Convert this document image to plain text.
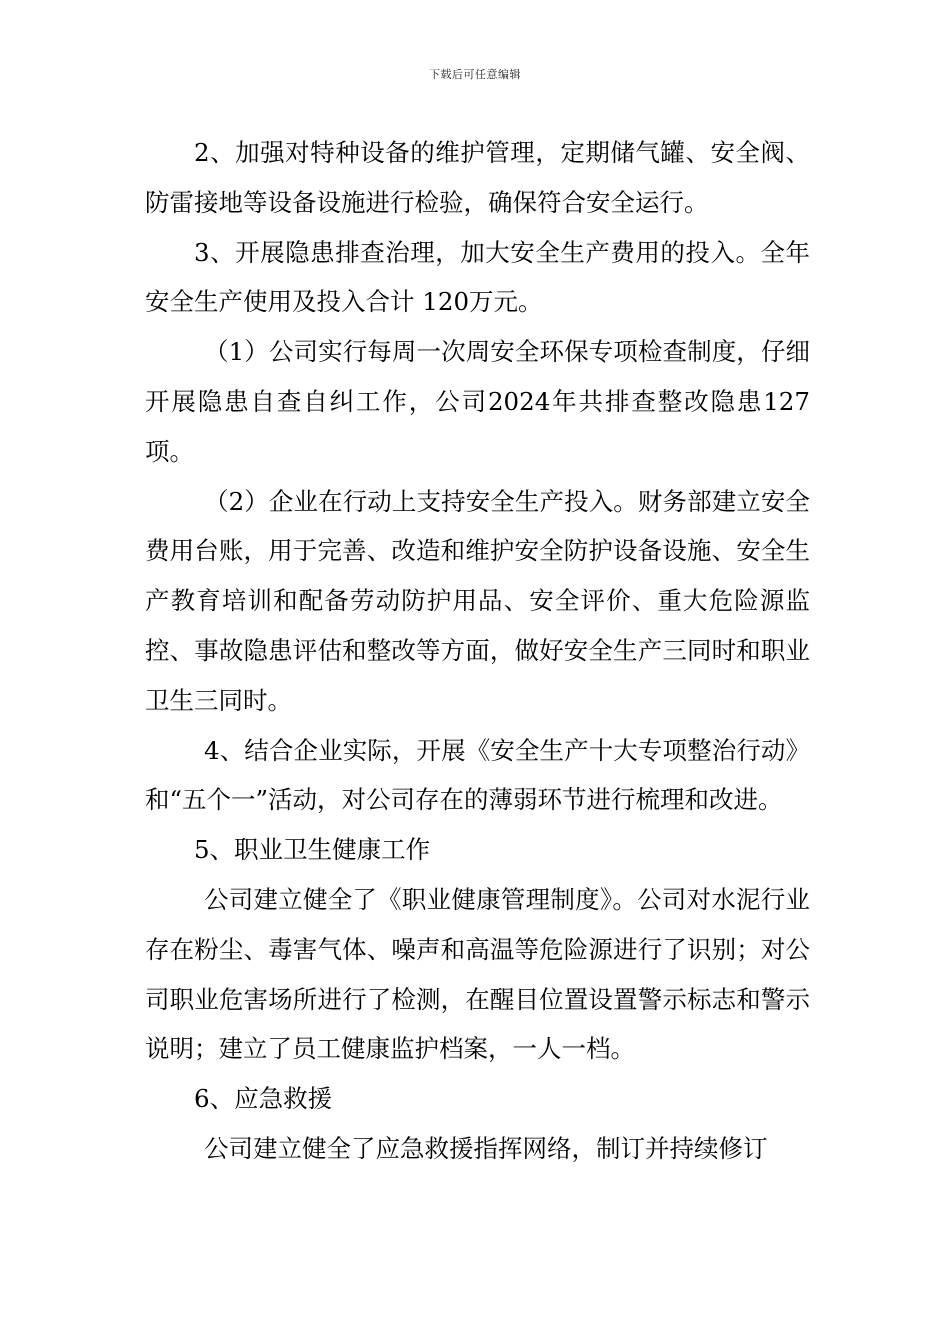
下载后可任意编辑

2、加强对特种设备的维护管理，定期储气罐、安全阀、防雷接地等设备设施进行检验，确保符合安全运行。

3、开展隐患排查治理，加大安全生产费用的投入。全年安全生产使用及投入合计 120万元。

（1）公司实行每周一次周安全环保专项检查制度，仔细开展隐患自查自纠工作，公司2024年共排查整改隐患127项。

（2）企业在行动上支持安全生产投入。财务部建立安全费用台账，用于完善、改造和维护安全防护设备设施、安全生产教育培训和配备劳动防护用品、安全评价、重大危险源监控、事故隐患评估和整改等方面，做好安全生产三同时和职业卫生三同时。

4、结合企业实际，开展《安全生产十大专项整治行动》和“五个一”活动，对公司存在的薄弱环节进行梳理和改进。

5、职业卫生健康工作

公司建立健全了《职业健康管理制度》。公司对水泥行业存在粉尘、毒害气体、噪声和高温等危险源进行了识别；对公司职业危害场所进行了检测，在醒目位置设置警示标志和警示说明；建立了员工健康监护档案，一人一档。

6、应急救援

公司建立健全了应急救援指挥网络，制订并持续修订
